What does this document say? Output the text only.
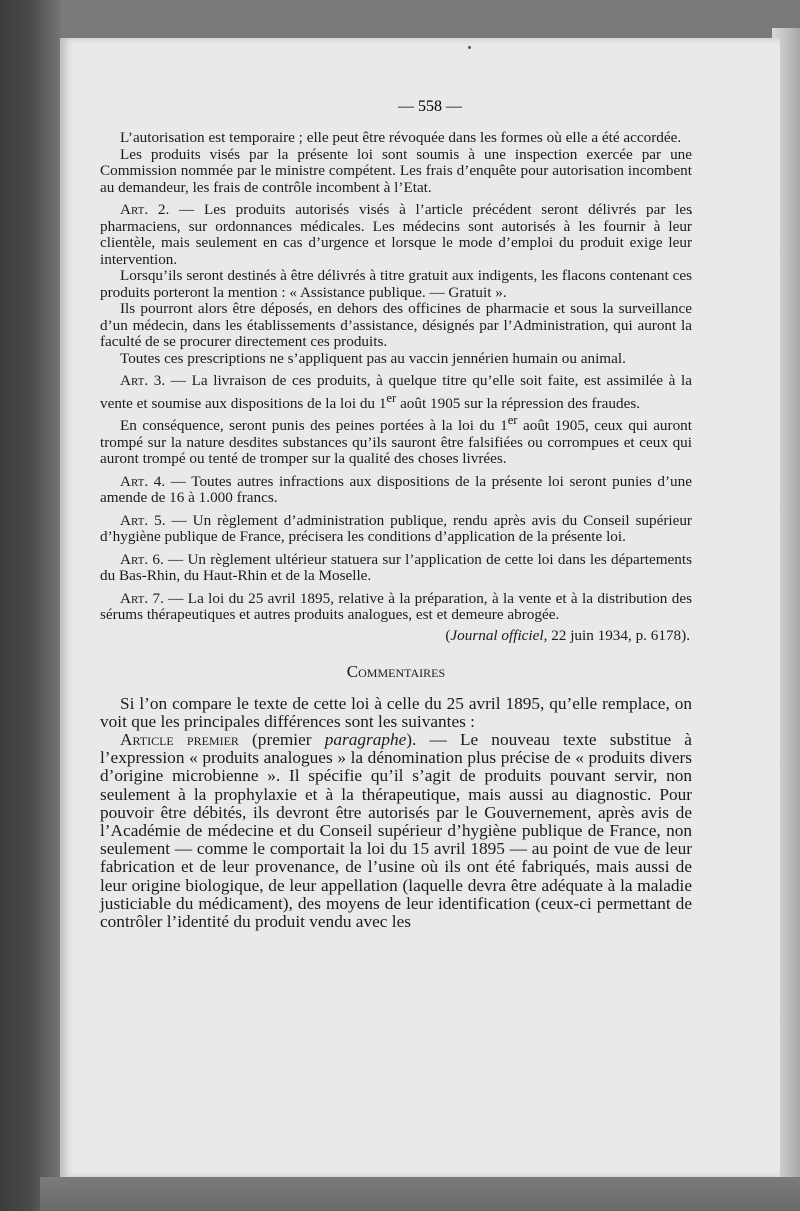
— 558 —

L’autorisation est temporaire ; elle peut être révoquée dans les formes où elle a été accordée.

Les produits visés par la présente loi sont soumis à une inspection exercée par une Commission nommée par le ministre compétent. Les frais d’enquête pour autorisation incombent au demandeur, les frais de contrôle incombent à l’Etat.

Art. 2. — Les produits autorisés visés à l’article précédent seront délivrés par les pharmaciens, sur ordonnances médicales. Les médecins sont autorisés à les fournir à leur clientèle, mais seulement en cas d’urgence et lorsque le mode d’emploi du produit exige leur intervention.

Lorsqu’ils seront destinés à être délivrés à titre gratuit aux indigents, les flacons contenant ces produits porteront la mention : « Assistance publique. — Gratuit ».

Ils pourront alors être déposés, en dehors des officines de pharmacie et sous la surveillance d’un médecin, dans les établissements d’assistance, désignés par l’Administration, qui auront la faculté de se procurer directement ces produits.

Toutes ces prescriptions ne s’appliquent pas au vaccin jennérien humain ou animal.

Art. 3. — La livraison de ces produits, à quelque titre qu’elle soit faite, est assimilée à la vente et soumise aux dispositions de la loi du 1er août 1905 sur la répression des fraudes.

En conséquence, seront punis des peines portées à la loi du 1er août 1905, ceux qui auront trompé sur la nature desdites substances qu’ils sauront être falsifiées ou corrompues et ceux qui auront trompé ou tenté de tromper sur la qualité des choses livrées.

Art. 4. — Toutes autres infractions aux dispositions de la présente loi seront punies d’une amende de 16 à 1.000 francs.

Art. 5. — Un règlement d’administration publique, rendu après avis du Conseil supérieur d’hygiène publique de France, précisera les conditions d’application de la présente loi.

Art. 6. — Un règlement ultérieur statuera sur l’application de cette loi dans les départements du Bas-Rhin, du Haut-Rhin et de la Moselle.

Art. 7. — La loi du 25 avril 1895, relative à la préparation, à la vente et à la distribution des sérums thérapeutiques et autres produits analogues, est et demeure abrogée.

(Journal officiel, 22 juin 1934, p. 6178).
Commentaires

Si l’on compare le texte de cette loi à celle du 25 avril 1895, qu’elle remplace, on voit que les principales différences sont les suivantes :

Article premier (premier paragraphe). — Le nouveau texte substitue à l’expression « produits analogues » la dénomination plus précise de « produits divers d’origine microbienne ». Il spécifie qu’il s’agit de produits pouvant servir, non seulement à la prophylaxie et à la thérapeutique, mais aussi au diagnostic. Pour pouvoir être débités, ils devront être autorisés par le Gouvernement, après avis de l’Académie de médecine et du Conseil supérieur d’hygiène publique de France, non seulement — comme le comportait la loi du 15 avril 1895 — au point de vue de leur fabrication et de leur provenance, de l’usine où ils ont été fabriqués, mais aussi de leur origine biologique, de leur appellation (laquelle devra être adéquate à la maladie justiciable du médicament), des moyens de leur identification (ceux-ci permettant de contrôler l’identité du produit vendu avec les
